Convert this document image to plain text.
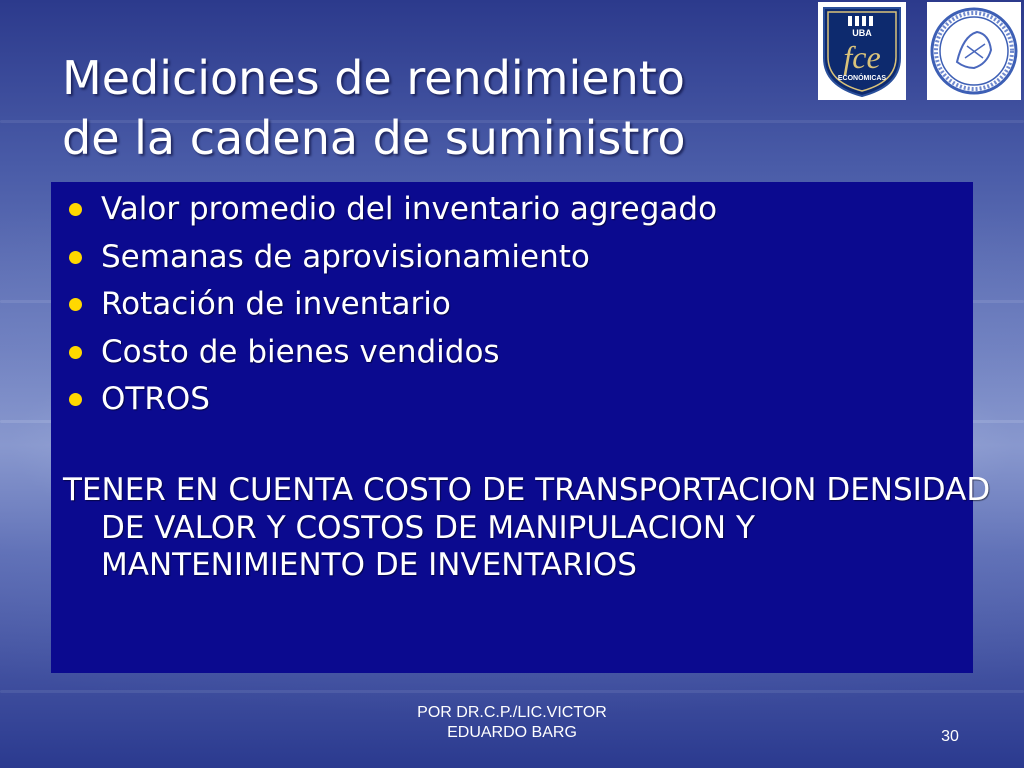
Mediciones de rendimiento
de la cadena de suministro
UBA
fce
ECONÓMICAS
Valor promedio del inventario agregado
Semanas de aprovisionamiento
Rotación de inventario
Costo de bienes vendidos
OTROS

TENER EN CUENTA COSTO DE TRANSPORTACION DENSIDAD DE VALOR Y COSTOS DE MANIPULACION Y MANTENIMIENTO DE INVENTARIOS

POR DR.C.P./LIC.VICTOR
EDUARDO BARG	30
